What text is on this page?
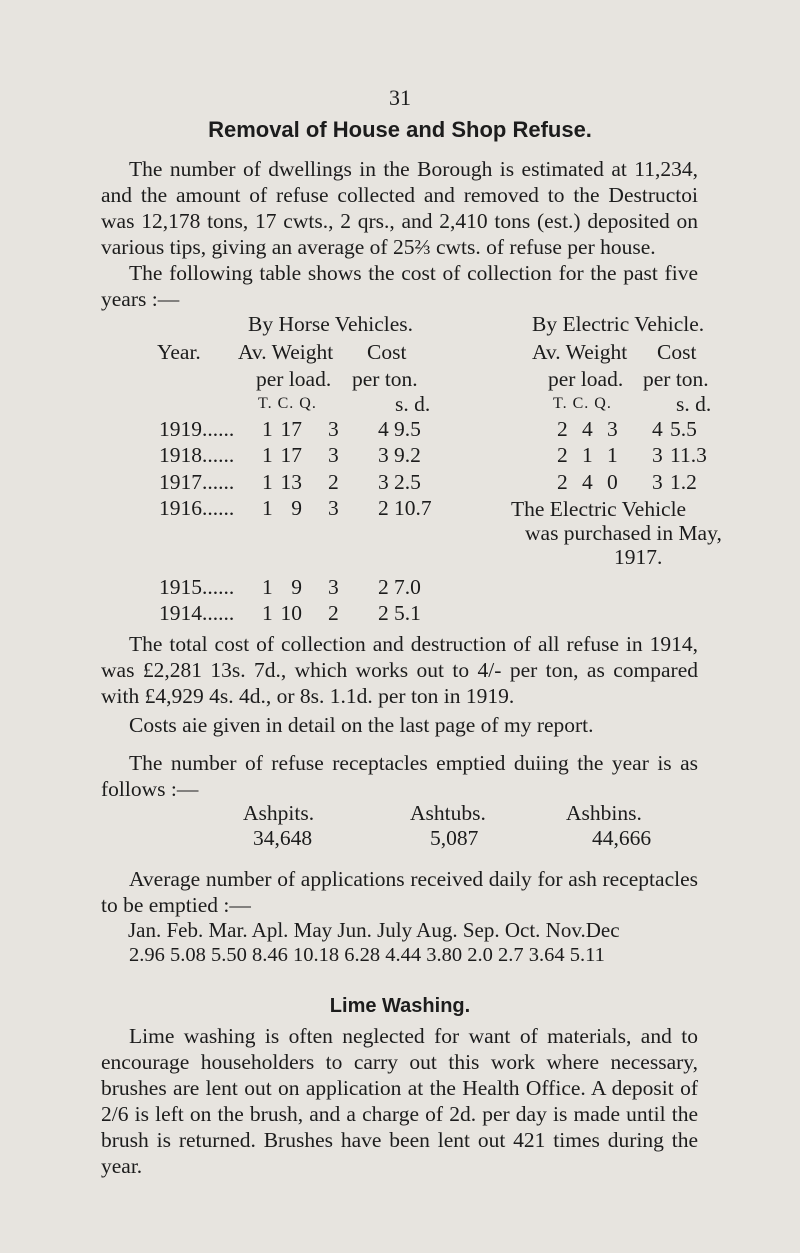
31
Removal of House and Shop Refuse.
The number of dwellings in the Borough is estimated at 11,234, and the amount of refuse collected and removed to the Destructoi was 12,178 tons, 17 cwts., 2 qrs., and 2,410 tons (est.) deposited on various tips, giving an average of 25⅔ cwts. of refuse per house.
The following table shows the cost of collection for the past five years :—
By Horse Vehicles.	By Electric Vehicle.
Year. Av. Weight Cost	Av. Weight Cost
per load. per ton.	per load. per ton.
T. C. Q.	s. d.	T. C. Q.	s. d.
1919...... 1 17 3 4 9.5	2 4 3 4 5.5
1918...... 1 17 3 3 9.2	2 1 1 3 11.3
1917...... 1 13 2 3 2.5	2 4 0 3 1.2
1916...... 1 9 3 2 10.7
1915...... 1 9 3 2 7.0
1914...... 1 10 2 2 5.1
The Electric Vehicle
was purchased in May,
1917.
The total cost of collection and destruction of all refuse in 1914, was £2,281 13s. 7d., which works out to 4/- per ton, as compared with £4,929 4s. 4d., or 8s. 1.1d. per ton in 1919.
Costs aie given in detail on the last page of my report.
The number of refuse receptacles emptied duiing the year is as follows :—
Ashpits.	Ashtubs.	Ashbins.
34,648	5,087	44,666
Average number of applications received daily for ash receptacles to be emptied :—
Jan. Feb. Mar. Apl. May Jun. July Aug. Sep. Oct. Nov.Dec
2.96 5.08 5.50 8.46 10.18 6.28 4.44 3.80 2.0 2.7 3.64 5.11
Lime Washing.
Lime washing is often neglected for want of materials, and to encourage householders to carry out this work where necessary, brushes are lent out on application at the Health Office. A deposit of 2/6 is left on the brush, and a charge of 2d. per day is made until the brush is returned. Brushes have been lent out 421 times during the year.
